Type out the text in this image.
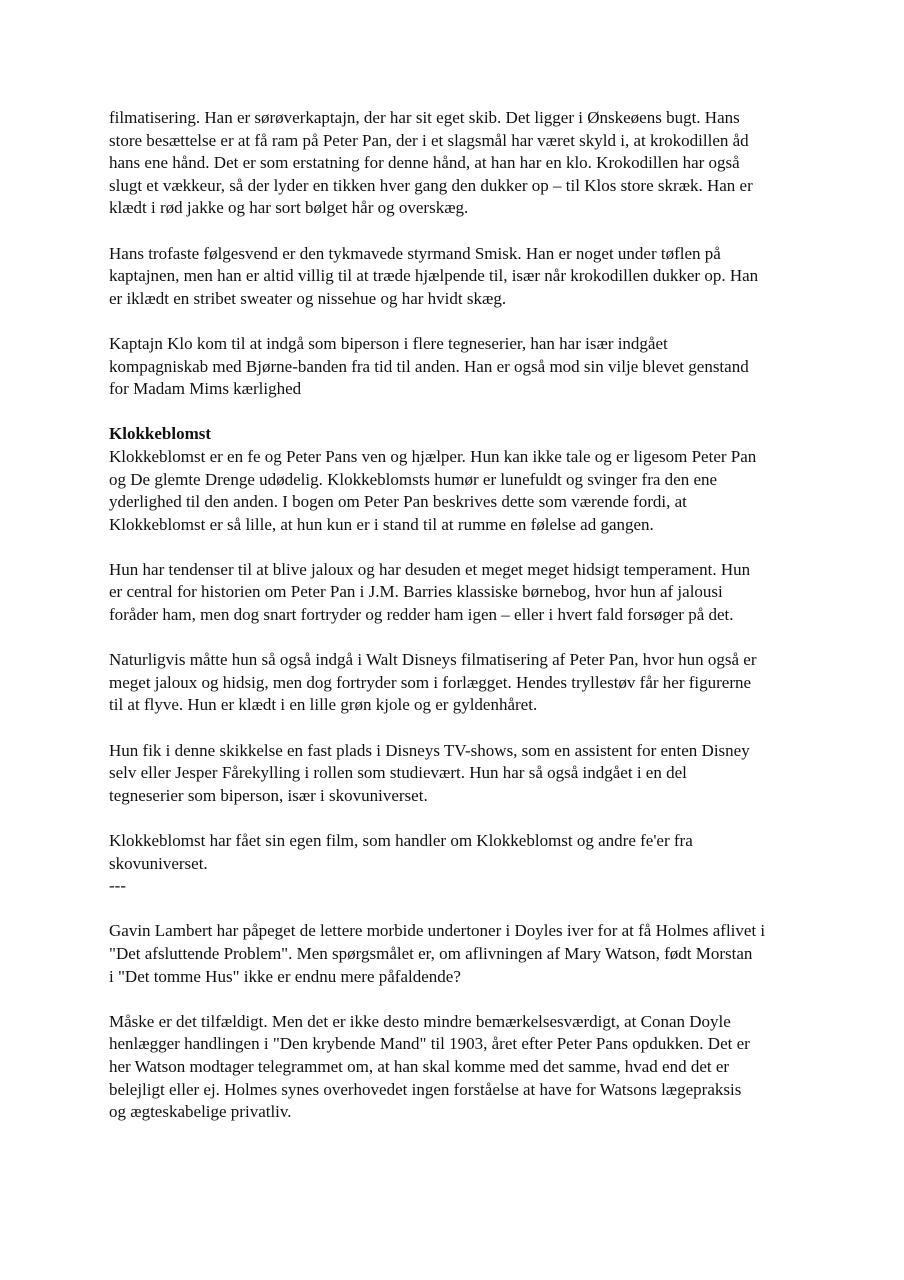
filmatisering. Han er sørøverkaptajn, der har sit eget skib. Det ligger i Ønskeøens bugt. Hans
store besættelse er at få ram på Peter Pan, der i et slagsmål har været skyld i, at krokodillen åd
hans ene hånd. Det er som erstatning for denne hånd, at han har en klo. Krokodillen har også
slugt et vækkeur, så der lyder en tikken hver gang den dukker op – til Klos store skræk. Han er
klædt i rød jakke og har sort bølget hår og overskæg.

Hans trofaste følgesvend er den tykmavede styrmand Smisk. Han er noget under tøflen på
kaptajnen, men han er altid villig til at træde hjælpende til, især når krokodillen dukker op. Han
er iklædt en stribet sweater og nissehue og har hvidt skæg.

Kaptajn Klo kom til at indgå som biperson i flere tegneserier, han har især indgået
kompagniskab med Bjørne-banden fra tid til anden. Han er også mod sin vilje blevet genstand
for Madam Mims kærlighed

Klokkeblomst
Klokkeblomst er en fe og Peter Pans ven og hjælper. Hun kan ikke tale og er ligesom Peter Pan
og De glemte Drenge udødelig. Klokkeblomsts humør er lunefuldt og svinger fra den ene
yderlighed til den anden. I bogen om Peter Pan beskrives dette som værende fordi, at
Klokkeblomst er så lille, at hun kun er i stand til at rumme en følelse ad gangen.

Hun har tendenser til at blive jaloux og har desuden et meget meget hidsigt temperament. Hun
er central for historien om Peter Pan i J.M. Barries klassiske børnebog, hvor hun af jalousi
foråder ham, men dog snart fortryder og redder ham igen – eller i hvert fald forsøger på det.

Naturligvis måtte hun så også indgå i Walt Disneys filmatisering af Peter Pan, hvor hun også er
meget jaloux og hidsig, men dog fortryder som i forlægget. Hendes tryllestøv får her figurerne
til at flyve. Hun er klædt i en lille grøn kjole og er gyldenhåret.

Hun fik i denne skikkelse en fast plads i Disneys TV-shows, som en assistent for enten Disney
selv eller Jesper Fårekylling i rollen som studievært. Hun har så også indgået i en del
tegneserier som biperson, især i skovuniverset.

Klokkeblomst har fået sin egen film, som handler om Klokkeblomst og andre fe'er fra
skovuniverset.
---

Gavin Lambert har påpeget de lettere morbide undertoner i Doyles iver for at få Holmes aflivet i
"Det afsluttende Problem". Men spørgsmålet er, om aflivningen af Mary Watson, født Morstan
i "Det tomme Hus" ikke er endnu mere påfaldende?

Måske er det tilfældigt. Men det er ikke desto mindre bemærkelsesværdigt, at Conan Doyle
henlægger handlingen i "Den krybende Mand" til 1903, året efter Peter Pans opdukken. Det er
her Watson modtager telegrammet om, at han skal komme med det samme, hvad end det er
belejligt eller ej. Holmes synes overhovedet ingen forståelse at have for Watsons lægepraksis
og ægteskabelige privatliv.
